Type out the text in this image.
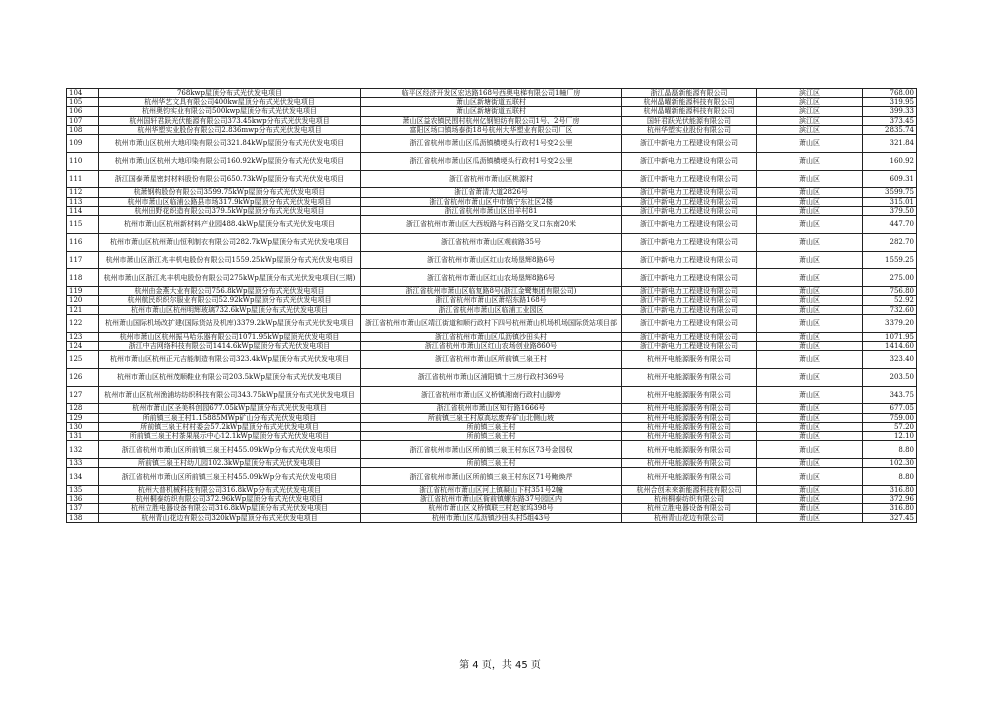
104	768kwp屋顶分布式光伏发电项目	临平区经济开发区宏达路168号西奥电梯有限公司1幢厂房	浙江晶磊新能源有限公司	滨江区	768.00
105	杭州华艺文具有限公司400kw屋顶分布式光伏发电项目	萧山区新塘街道五联村	杭州晶曜新能源科技有限公司	滨江区	319.95
106	杭州奥钧实业有限公司500kwp屋顶分布式光伏发电项目	萧山区新塘街道五联村	杭州晶曜新能源科技有限公司	滨江区	399.33
107	杭州国轩君跃光伏能源有限公司373.45kwp分布式光伏发电项目	萧山区益农镇民围村杭州亿钢钽纺有限公司1号、2号厂房	国轩君跃光伏能源有限公司	滨江区	373.45
108	杭州华塑实业股份有限公司2.836mwp分布式光伏发电项目	富阳区场口镇场泰街18号杭州大华塑业有限公司厂区	杭州华塑实业股份有限公司	滨江区	2835.74
109	杭州市萧山区杭州大地印染有限公司321.84kWp屋顶分布式光伏发电项目	浙江省杭州市萧山区瓜沥镇横埂头行政村1号变2公里	浙江中新电力工程建设有限公司	萧山区	321.84
110	杭州市萧山区杭州大地印染有限公司160.92kWp屋顶分布式光伏发电项目	浙江省杭州市萧山区瓜沥镇横埂头行政村1号变2公里	浙江中新电力工程建设有限公司	萧山区	160.92
111	浙江国泰萧星密封材料股份有限公司650.73kWp屋顶分布式光伏发电项目	浙江省杭州市萧山区桃源村	浙江中新电力工程建设有限公司	萧山区	609.31
112	杭萧钢构股份有限公司3599.75kWp屋顶分布式光伏发电项目	浙江省萧清大道2826号	浙江中新电力工程建设有限公司	萧山区	3599.75
113	杭州市萧山区临浦公路县市场317.9kWp屋顶分布式光伏发电项目	浙江省杭州市萧山区中市镇宁东社区2楼	浙江中新电力工程建设有限公司	萧山区	315.01
114	杭州田野花织造有限公司379.5kWp屋顶分布式光伏发电项目	浙江省杭州市萧山区田羊村81	浙江中新电力工程建设有限公司	萧山区	379.50
115	杭州市萧山区杭州新材料产业园488.4kWp屋顶分布式光伏发电项目	浙江省杭州市萧山区大西坂路与科百路交叉口东南20米	浙江中新电力工程建设有限公司	萧山区	447.70
116	杭州市萧山区杭州萧山恒利制衣有限公司282.7kWp屋顶分布式光伏发电项目	浙江省杭州市萧山区观前路35号	浙江中新电力工程建设有限公司	萧山区	282.70
117	杭州市萧山区浙江兆丰机电股份有限公司1559.25kWp屋顶分布式光伏发电项目	浙江省杭州市萧山区红山农场垦辉8路6号	浙江中新电力工程建设有限公司	萧山区	1559.25
118	杭州市萧山区浙江兆丰机电股份有限公司275kWp屋顶分布式光伏发电项目(三期)	浙江省杭州市萧山区红山农场垦辉8路6号	浙江中新电力工程建设有限公司	萧山区	275.00
119	杭州由金燕大业有限公司756.8kWp屋顶分布式光伏发电项目	浙江省杭州市萧山区临复路8号(浙江金鹭集团有限公司)	浙江中新电力工程建设有限公司	萧山区	756.80
120	杭州航民织织尔服业有限公司52.92kWp屋顶分布式光伏发电项目	浙江省杭州市萧山区萧绍东路168号	浙江中新电力工程建设有限公司	萧山区	52.92
121	杭州市萧山区杭州明辉玻璃732.6kWp屋顶分布式光伏发电项目	浙江省杭州市萧山区临浦工业园区	浙江中新电力工程建设有限公司	萧山区	732.60
122	杭州萧山国际机场改扩建(国际货站及机库)3379.2kWp屋顶分布式光伏发电项目	浙江省杭州市萧山区靖江街道和顺行政村下四号杭州萧山机场机场国际货站项目部	浙江中新电力工程建设有限公司	萧山区	3379.20
123	杭州市萧山区杭州振马哈乐器有限公司1071.95kWp屋顶光伏发电项目	浙江省杭州市萧山区瓜沥镇沙田头村	浙江中新电力工程建设有限公司	萧山区	1071.95
124	浙江中吉网络科技有限公司1414.6kWp屋顶分布式光伏发电项目	浙江省杭州市萧山区红山农场创业路860号	浙江中新电力工程建设有限公司	萧山区	1414.60
125	杭州市萧山区杭州正元吉能制造有限公司323.4kWp屋顶分布式光伏发电项目	浙江省杭州市萧山区所前镇三泉王村	杭州开电能源服务有限公司	萧山区	323.40
126	杭州市萧山区杭州茂顺鞋业有限公司203.5kWp屋顶分布式光伏发电项目	浙江省杭州市萧山区浦阳镇十三房行政村369号	杭州开电能源服务有限公司	萧山区	203.50
127	杭州市萧山区杭州渔浦坊纺织科技有限公司343.75kWp屋顶分布式光伏发电项目	浙江省杭州市萧山区义桥镇湘南行政村山脚旁	杭州开电能源服务有限公司	萧山区	343.75
128	杭州市萧山区圣美科创园677.05kWp屋顶分布式光伏发电项目	浙江省杭州市萧山区知行路1666号	杭州开电能源服务有限公司	萧山区	677.05
129	所前镇三泉王村1.15885MWp矿山分布式光伏发电项目	所前镇三泉王村原高坛废弃矿山北侧山坡	杭州开电能源服务有限公司	萧山区	759.00
130	所前镇三泉王村村委会57.2kWp屋顶分布式光伏发电项目	所前镇三泉王村	杭州开电能源服务有限公司	萧山区	57.20
131	所前镇三泉王村茶果展示中心12.1kWp屋顶分布式光伏发电项目	所前镇三泉王村	杭州开电能源服务有限公司	萧山区	12.10
132	浙江省杭州市萧山区所前镇三泉王村455.09kWp分布式光伏发电项目	浙江省杭州市萧山区所前镇三泉王村东区73号金园权	杭州开电能源服务有限公司	萧山区	8.80
133	所前镇三泉王村幼儿园102.3kWp屋顶分布式光伏发电项目	所前镇三泉王村	杭州开电能源服务有限公司	萧山区	102.30
134	浙江省杭州市萧山区所前镇三泉王村455.09kWp分布式光伏发电项目	浙江省杭州市萧山区所前镇三泉王村东区71号鲍焕芹	杭州开电能源服务有限公司	萧山区	8.80
135	杭州大普机械科技有限公司316.8kWp分布式光伏发电项目	浙江省杭州市萧山区河上镇凝山下村351号2幢	杭州合创未来新能源科技有限公司	萧山区	316.80
136	杭州桐泰纺织有限公司372.96kWp屋顶分布式光伏发电项目	浙江省杭州市萧山区衙前镇螺东路37号园区内	杭州桐泰纺织有限公司	萧山区	372.96
137	杭州立胜电器设备有限公司316.8kWp屋顶分布式光伏发电项目	杭州市萧山区义桥镇联三村赵家坞398号	杭州立胜电器设备有限公司	萧山区	316.80
138	杭州青山花边有限公司320kWp屋顶分布式光伏发电项目	杭州市萧山区瓜沥镇沙田头村5组43号	杭州青山花边有限公司	萧山区	327.45
第 4 页，共 45 页
